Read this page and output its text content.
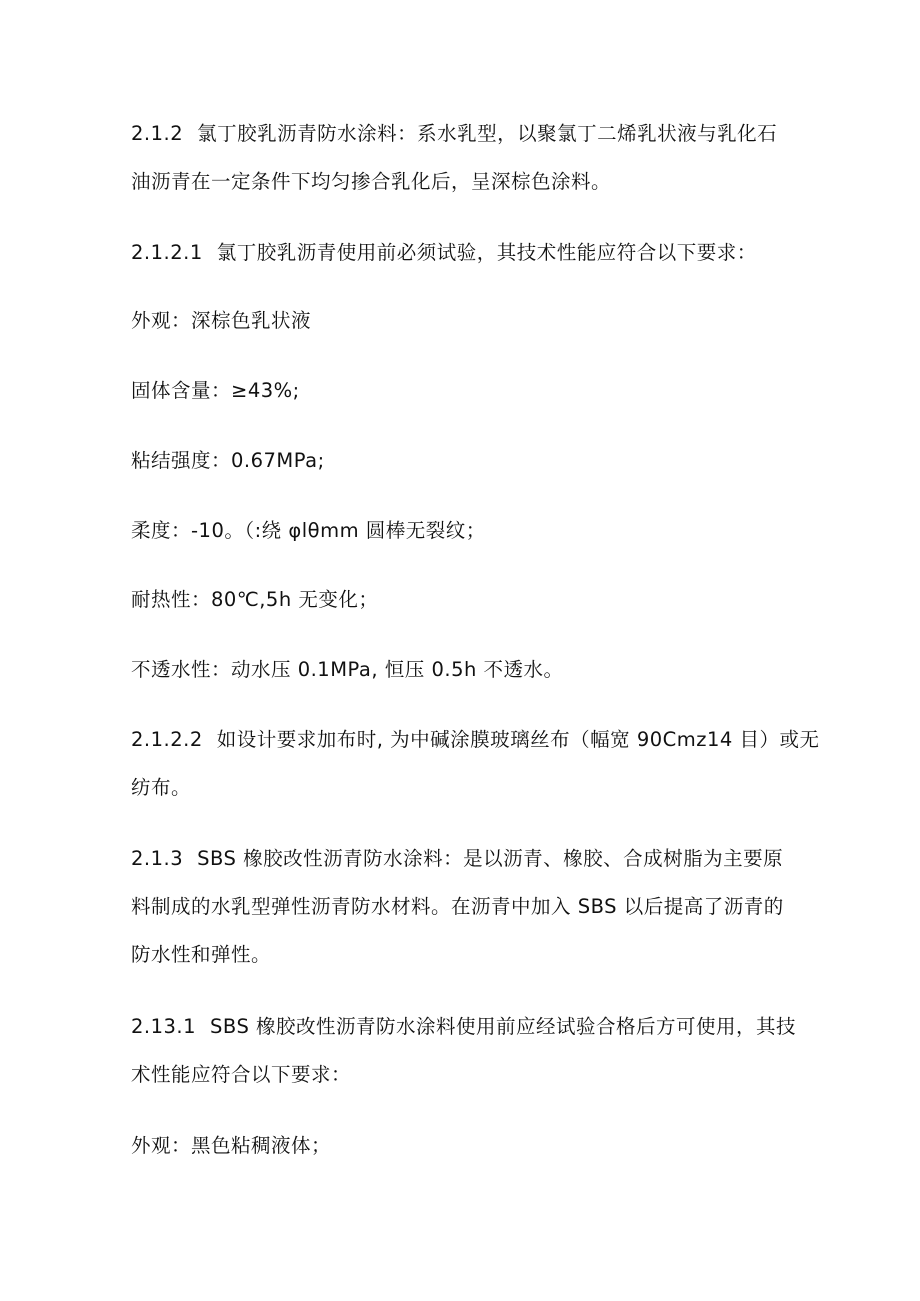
2.1.2 氯丁胶乳沥青防水涂料：系水乳型，以聚氯丁二烯乳状液与乳化石
油沥青在一定条件下均匀掺合乳化后，呈深棕色涂料。
2.1.2.1 氯丁胶乳沥青使用前必须试验，其技术性能应符合以下要求：
外观：深棕色乳状液
固体含量：≥43%;
粘结强度：0.67MPa;
柔度：-10。（:绕 φlθmm 圆棒无裂纹；
耐热性：80℃,5h 无变化；
不透水性：动水压 0.1MPa, 恒压 0.5h 不透水。
2.1.2.2 如设计要求加布时, 为中碱涂膜玻璃丝布（幅宽 90Cmz14 目）或无
纺布。
2.1.3 SBS 橡胶改性沥青防水涂料：是以沥青、橡胶、合成树脂为主要原
料制成的水乳型弹性沥青防水材料。在沥青中加入 SBS 以后提高了沥青的
防水性和弹性。
2.13.1 SBS 橡胶改性沥青防水涂料使用前应经试验合格后方可使用，其技
术性能应符合以下要求：
外观：黑色粘稠液体；
